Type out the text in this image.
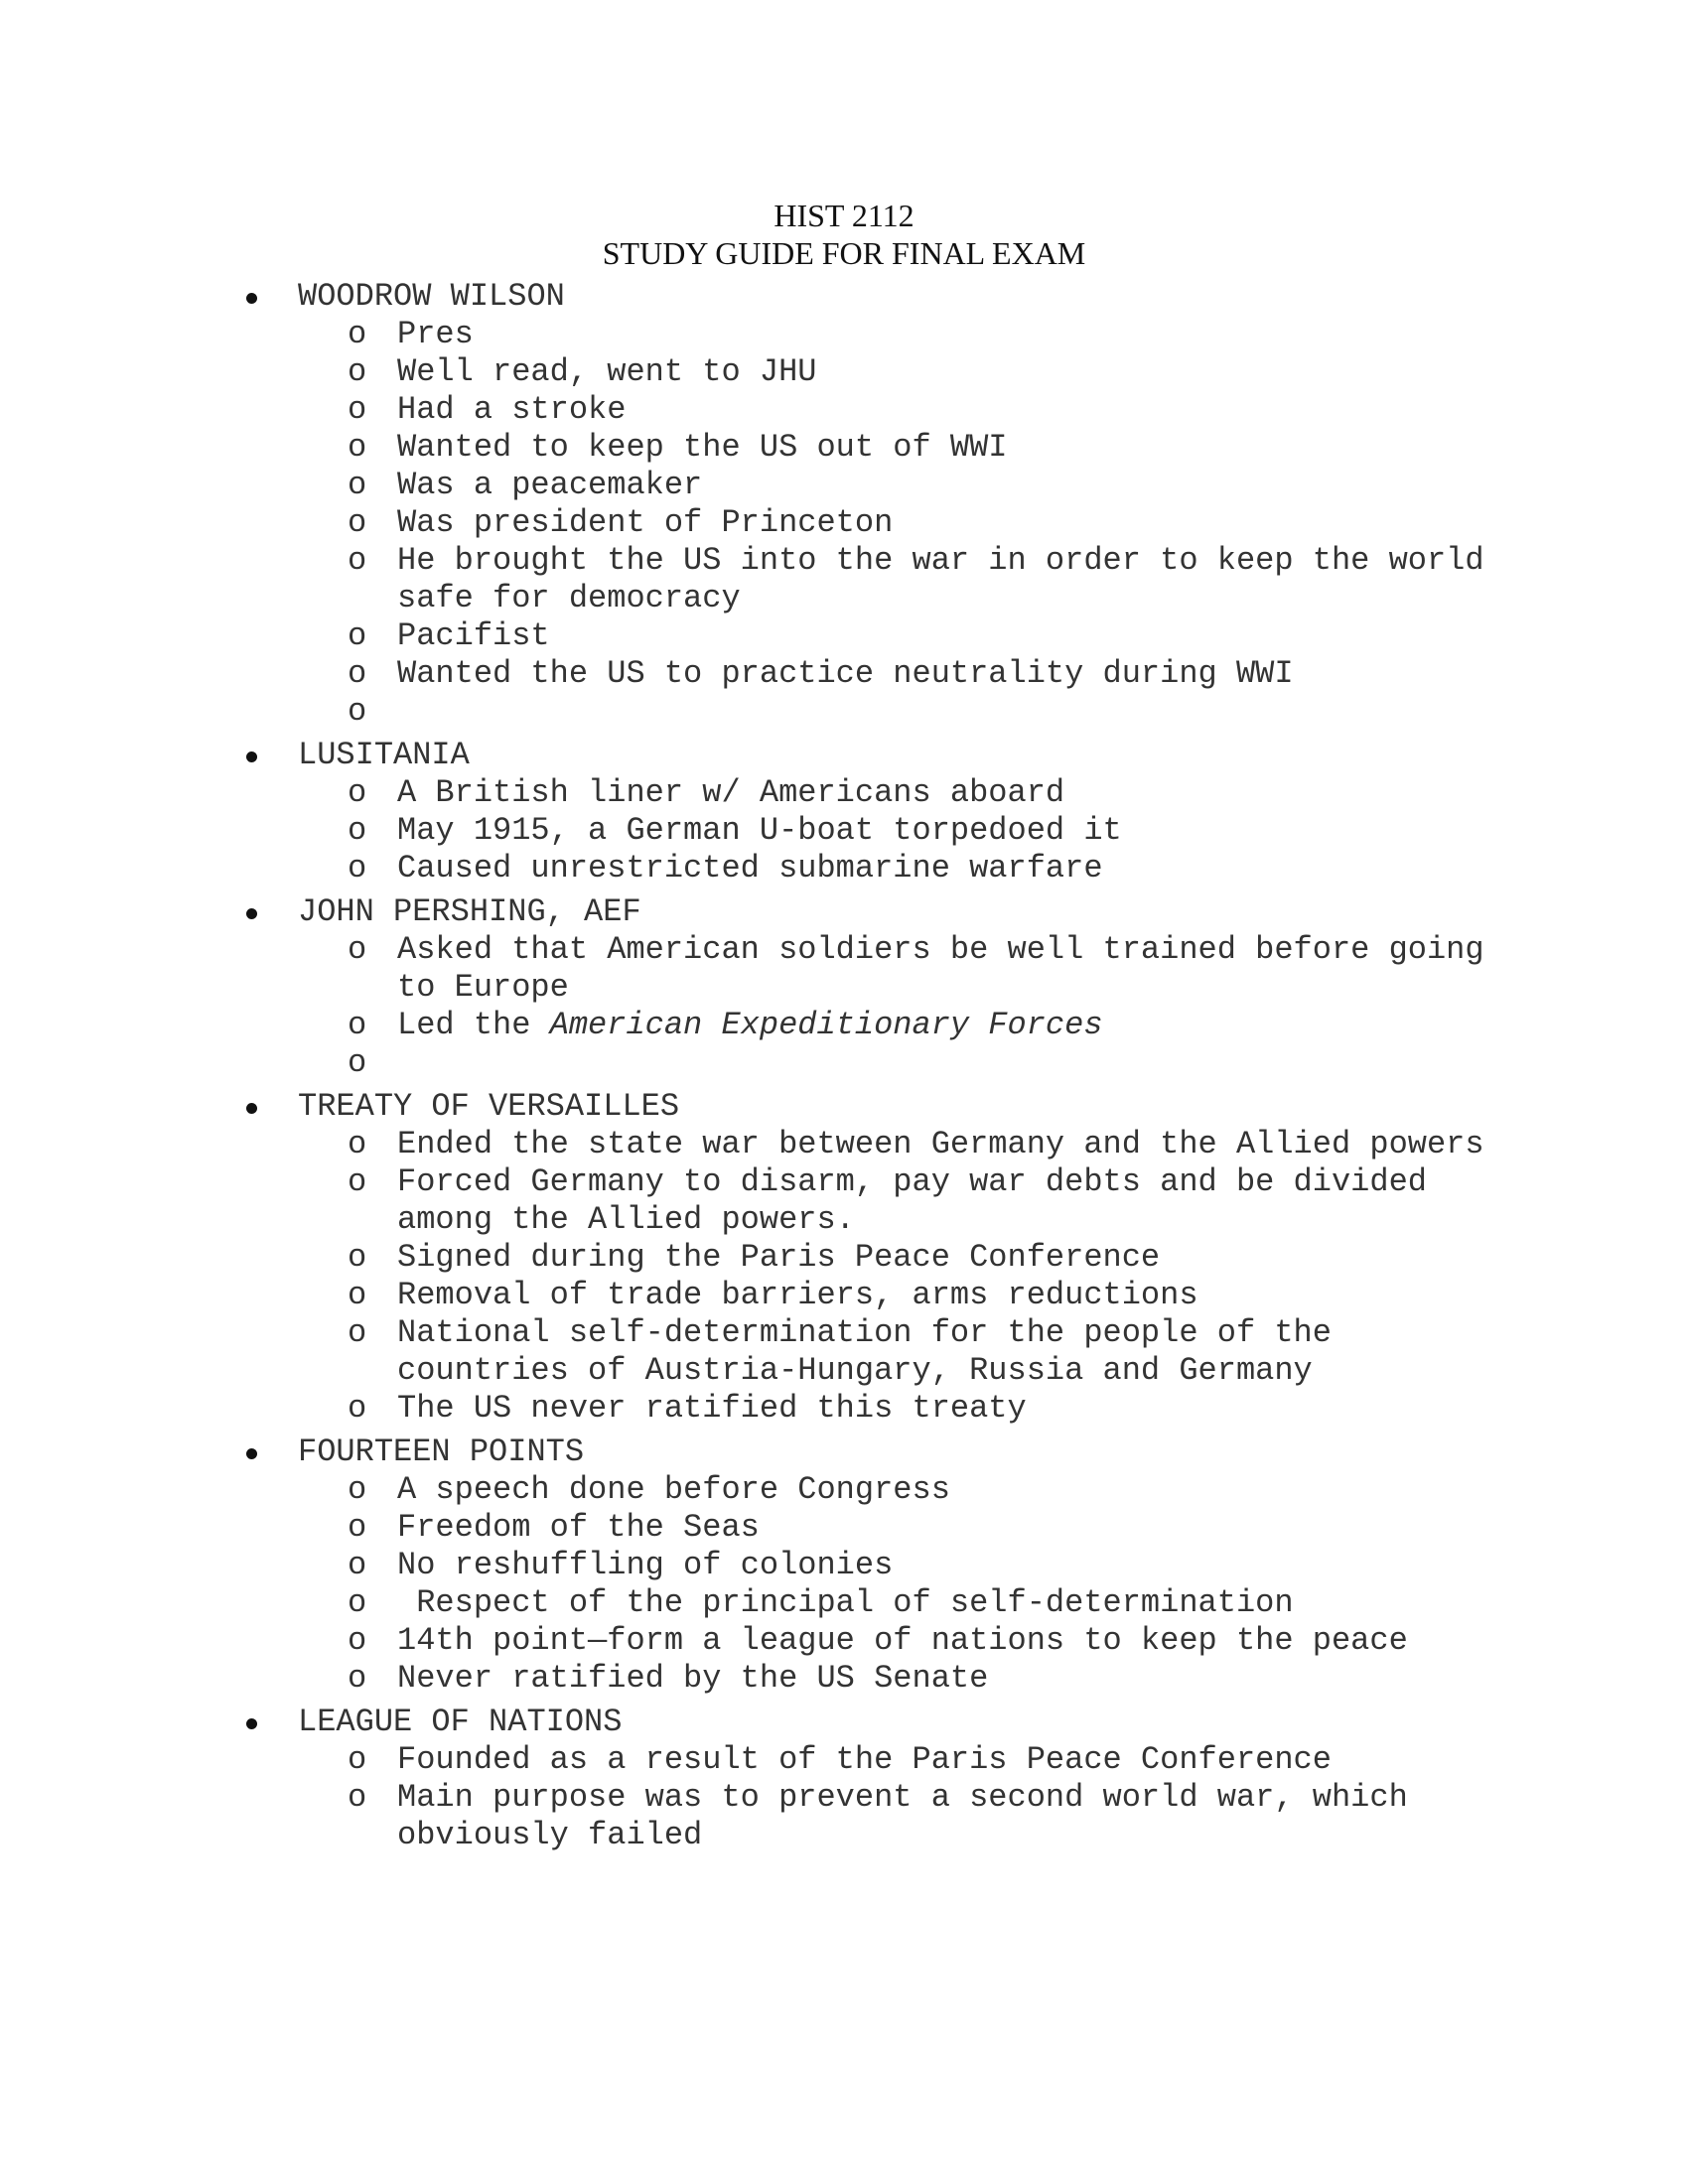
HIST 2112
STUDY GUIDE FOR FINAL EXAM
WOODROW WILSON
o Pres
o Well read, went to JHU
o Had a stroke
o Wanted to keep the US out of WWI
o Was a peacemaker
o Was president of Princeton
o He brought the US into the war in order to keep the world safe for democracy
o Pacifist
o Wanted the US to practice neutrality during WWI
o
LUSITANIA
o A British liner w/ Americans aboard
o May 1915, a German U-boat torpedoed it
o Caused unrestricted submarine warfare
JOHN PERSHING, AEF
o Asked that American soldiers be well trained before going to Europe
o Led the American Expeditionary Forces
o
TREATY OF VERSAILLES
o Ended the state war between Germany and the Allied powers
o Forced Germany to disarm, pay war debts and be divided among the Allied powers.
o Signed during the Paris Peace Conference
o Removal of trade barriers, arms reductions
o National self-determination for the people of the countries of Austria-Hungary, Russia and Germany
o The US never ratified this treaty
FOURTEEN POINTS
o A speech done before Congress
o Freedom of the Seas
o No reshuffling of colonies
o Respect of the principal of self-determination
o 14th point—form a league of nations to keep the peace
o Never ratified by the US Senate
LEAGUE OF NATIONS
o Founded as a result of the Paris Peace Conference
o Main purpose was to prevent a second world war, which obviously failed
